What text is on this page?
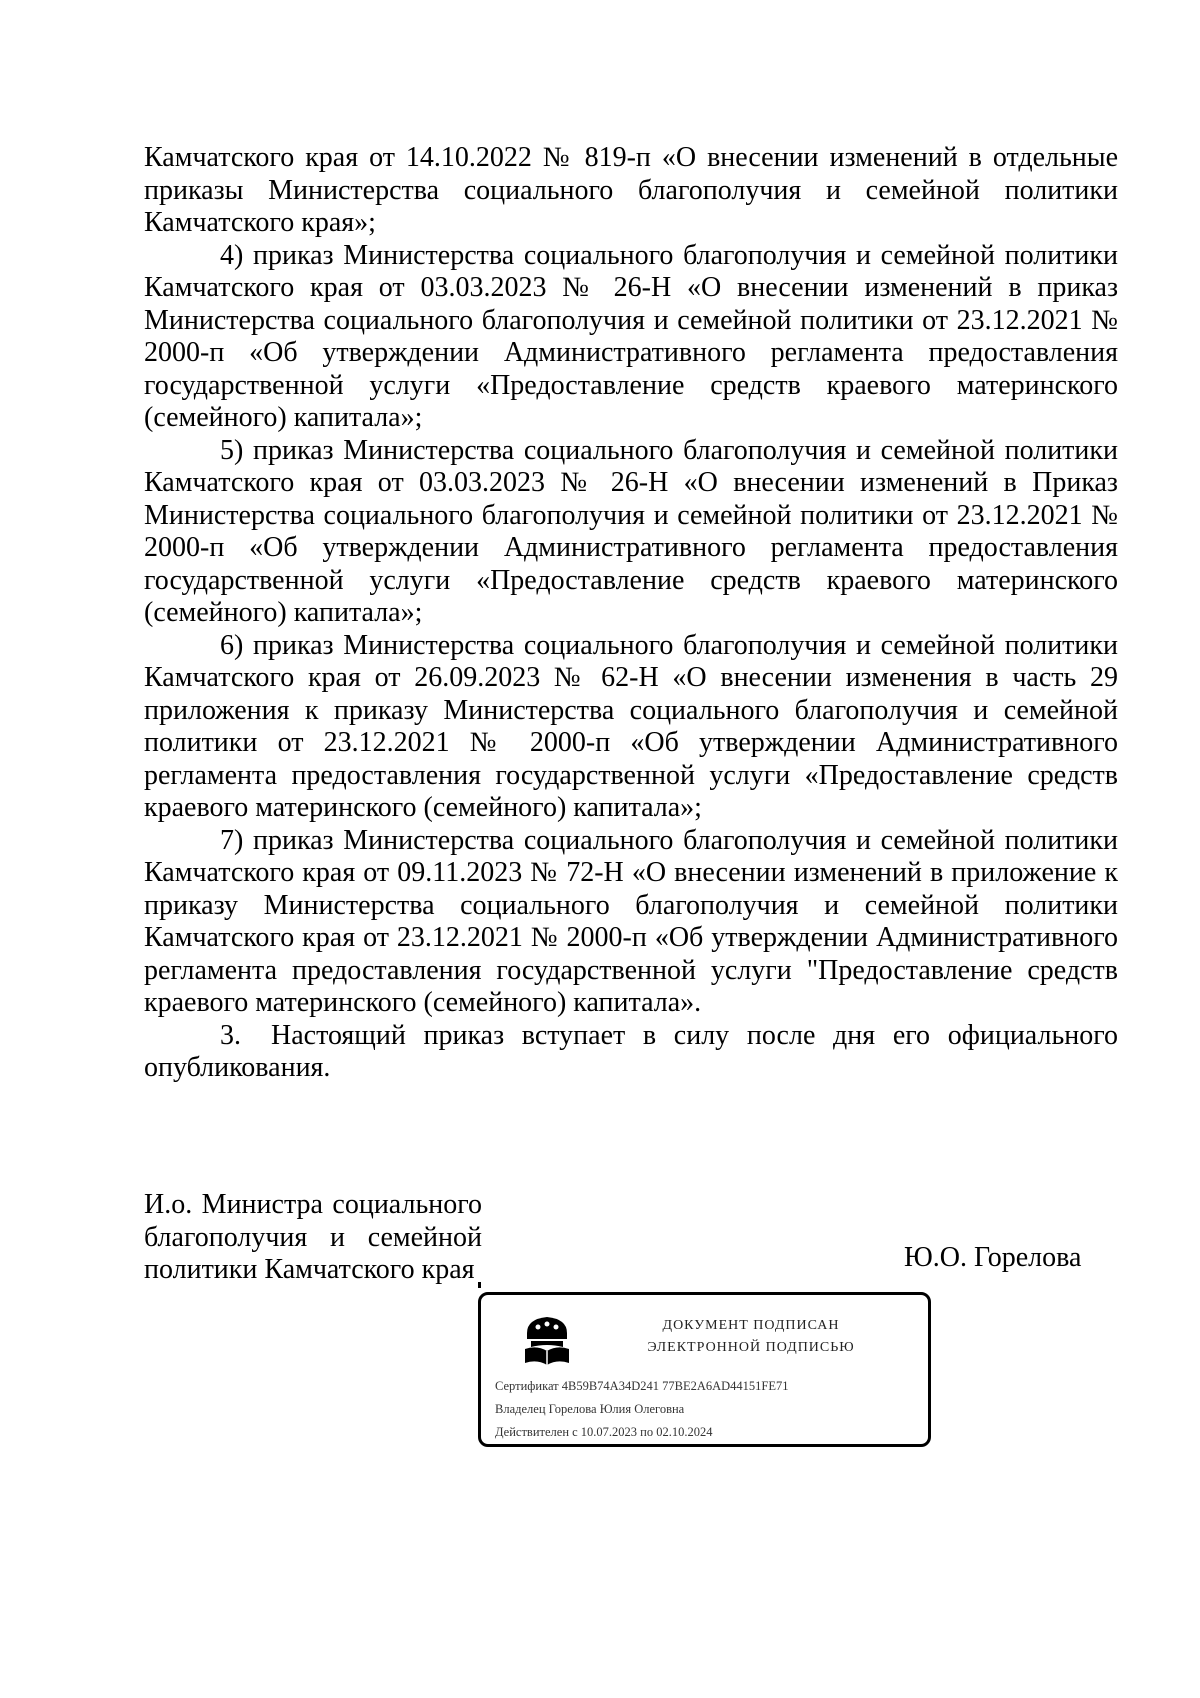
Камчатского края от 14.10.2022 № 819-п «О внесении изменений в отдельные приказы Министерства социального благополучия и семейной политики Камчатского края»;

4) приказ Министерства социального благополучия и семейной политики Камчатского края от 03.03.2023 № 26-Н «О внесении изменений в приказ Министерства социального благополучия и семейной политики от 23.12.2021 № 2000-п «Об утверждении Административного регламента предоставления государственной услуги «Предоставление средств краевого материнского (семейного) капитала»;

5) приказ Министерства социального благополучия и семейной политики Камчатского края от 03.03.2023 № 26-Н «О внесении изменений в Приказ Министерства социального благополучия и семейной политики от 23.12.2021 № 2000-п «Об утверждении Административного регламента предоставления государственной услуги «Предоставление средств краевого материнского (семейного) капитала»;

6) приказ Министерства социального благополучия и семейной политики Камчатского края от 26.09.2023 № 62-Н «О внесении изменения в часть 29 приложения к приказу Министерства социального благополучия и семейной политики от 23.12.2021 № 2000-п «Об утверждении Административного регламента предоставления государственной услуги «Предоставление средств краевого материнского (семейного) капитала»;

7) приказ Министерства социального благополучия и семейной политики Камчатского края от 09.11.2023 № 72-Н «О внесении изменений в приложение к приказу Министерства социального благополучия и семейной политики Камчатского края от 23.12.2021 № 2000-п «Об утверждении Административного регламента предоставления государственной услуги "Предоставление средств краевого материнского (семейного) капитала».

3. Настоящий приказ вступает в силу после дня его официального опубликования.

И.о. Министра социального благополучия и семейной политики Камчатского края	Ю.О. Горелова
ДОКУМЕНТ ПОДПИСАН
ЭЛЕКТРОННОЙ ПОДПИСЬЮ
Сертификат 4B59B74A34D241 77BE2A6AD44151FE71
Владелец Горелова Юлия Олеговна
Действителен с 10.07.2023 по 02.10.2024
